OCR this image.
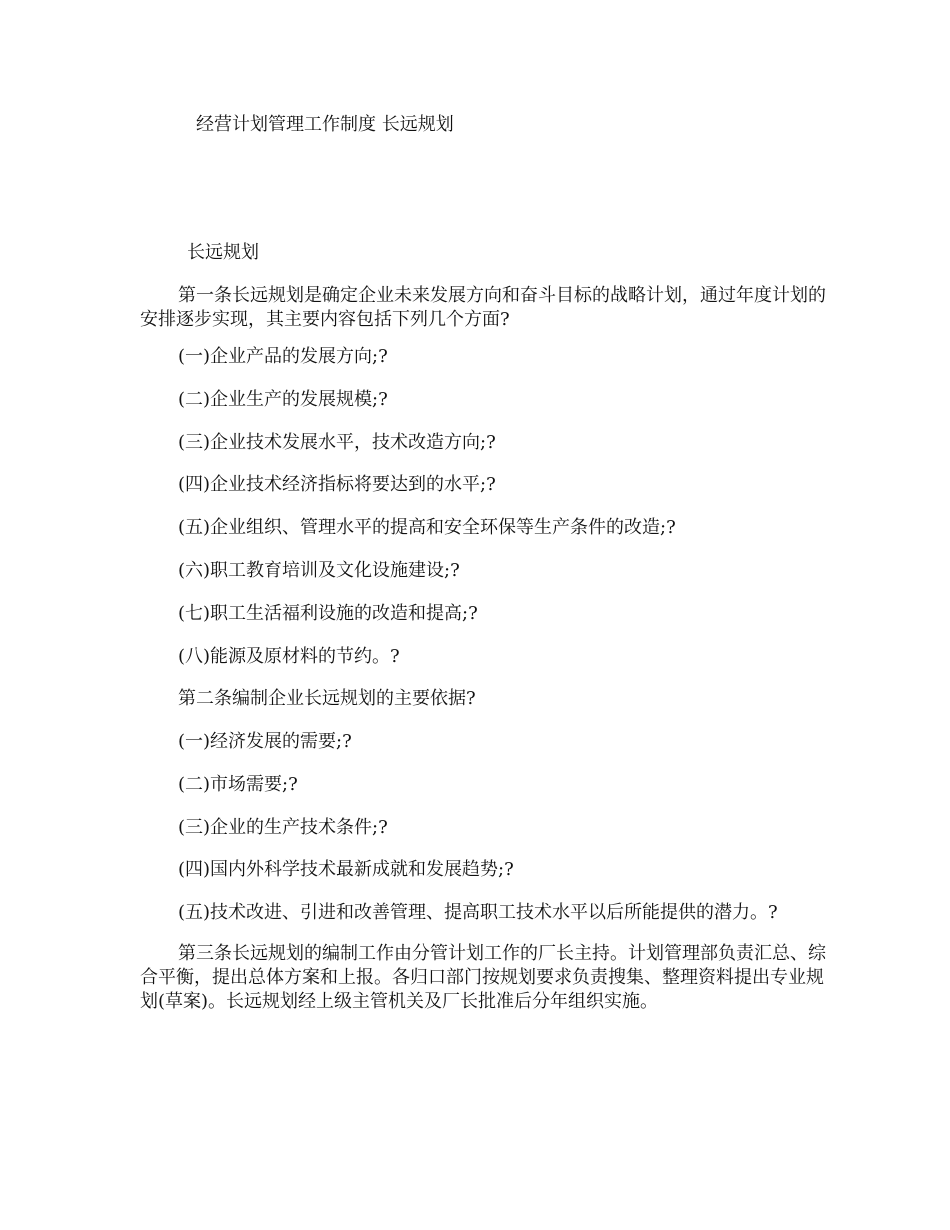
经营计划管理工作制度 长远规划
长远规划

第一条长远规划是确定企业未来发展方向和奋斗目标的战略计划，通过年度计划的安排逐步实现，其主要内容包括下列几个方面?

(一)企业产品的发展方向;?

(二)企业生产的发展规模;?

(三)企业技术发展水平，技术改造方向;?

(四)企业技术经济指标将要达到的水平;?

(五)企业组织、管理水平的提高和安全环保等生产条件的改造;?

(六)职工教育培训及文化设施建设;?

(七)职工生活福利设施的改造和提高;?

(八)能源及原材料的节约。?

第二条编制企业长远规划的主要依据?

(一)经济发展的需要;?

(二)市场需要;?

(三)企业的生产技术条件;?

(四)国内外科学技术最新成就和发展趋势;?

(五)技术改进、引进和改善管理、提高职工技术水平以后所能提供的潜力。?

第三条长远规划的编制工作由分管计划工作的厂长主持。计划管理部负责汇总、综合平衡，提出总体方案和上报。各归口部门按规划要求负责搜集、整理资料提出专业规划(草案)。长远规划经上级主管机关及厂长批准后分年组织实施。
